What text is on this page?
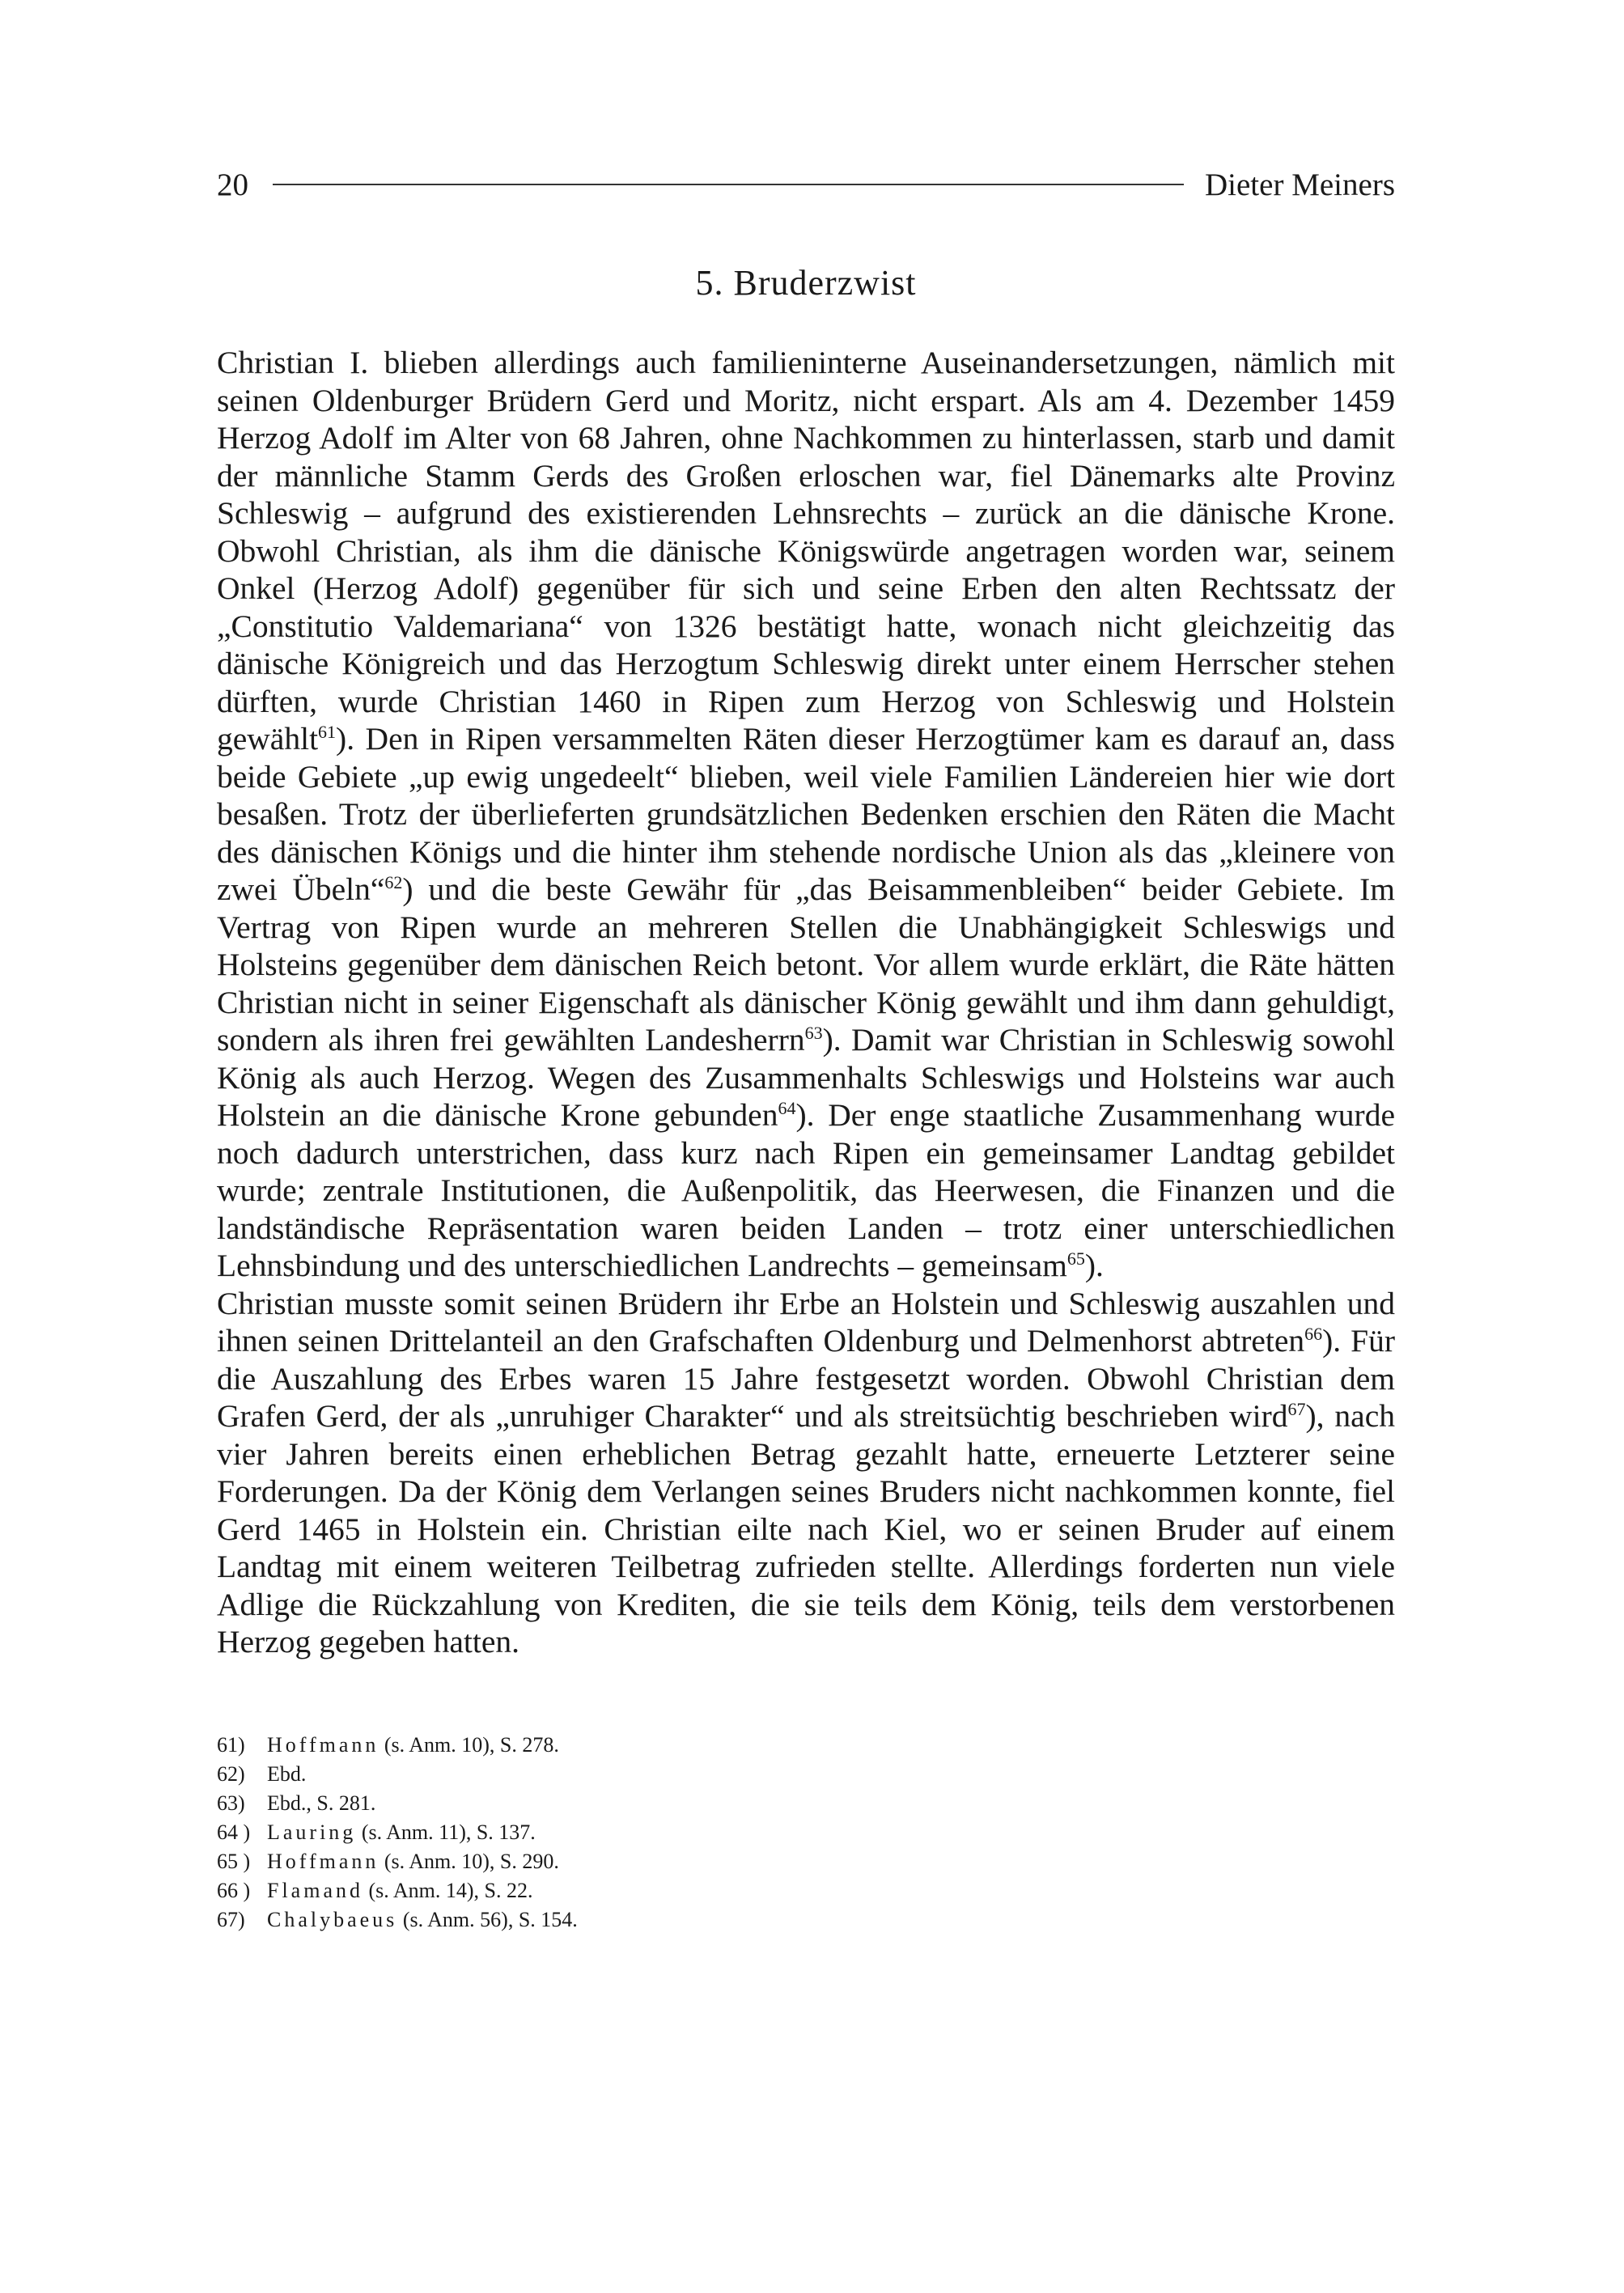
20	Dieter Meiners
5. Bruderzwist

Christian I. blieben allerdings auch familieninterne Auseinandersetzungen, nämlich mit seinen Oldenburger Brüdern Gerd und Moritz, nicht erspart. Als am 4. Dezember 1459 Herzog Adolf im Alter von 68 Jahren, ohne Nachkommen zu hinterlassen, starb und damit der männliche Stamm Gerds des Großen erloschen war, fiel Dänemarks alte Provinz Schleswig – aufgrund des existierenden Lehnsrechts – zurück an die dänische Krone. Obwohl Christian, als ihm die dänische Königswürde angetragen worden war, seinem Onkel (Herzog Adolf) gegenüber für sich und seine Erben den alten Rechtssatz der „Constitutio Valdemariana“ von 1326 bestätigt hatte, wonach nicht gleichzeitig das dänische Königreich und das Herzogtum Schleswig direkt unter einem Herrscher stehen dürften, wurde Christian 1460 in Ripen zum Herzog von Schleswig und Holstein gewählt$^{61}$). Den in Ripen versammelten Räten dieser Herzogtümer kam es darauf an, dass beide Gebiete „up ewig ungedeelt“ blieben, weil viele Familien Ländereien hier wie dort besaßen. Trotz der überlieferten grundsätzlichen Bedenken erschien den Räten die Macht des dänischen Königs und die hinter ihm stehende nordische Union als das „kleinere von zwei Übeln“$^{62}$) und die beste Gewähr für „das Beisammenbleiben“ beider Gebiete. Im Vertrag von Ripen wurde an mehreren Stellen die Unabhängigkeit Schleswigs und Holsteins gegenüber dem dänischen Reich betont. Vor allem wurde erklärt, die Räte hätten Christian nicht in seiner Eigenschaft als dänischer König gewählt und ihm dann gehuldigt, sondern als ihren frei gewählten Landesherrn$^{63}$). Damit war Christian in Schleswig sowohl König als auch Herzog. Wegen des Zusammenhalts Schleswigs und Holsteins war auch Holstein an die dänische Krone gebunden$^{64}$). Der enge staatliche Zusammenhang wurde noch dadurch unterstrichen, dass kurz nach Ripen ein gemeinsamer Landtag gebildet wurde; zentrale Institutionen, die Außenpolitik, das Heerwesen, die Finanzen und die landständische Repräsentation waren beiden Landen – trotz einer unterschiedlichen Lehnsbindung und des unterschiedlichen Landrechts – gemeinsam$^{65}$).

Christian musste somit seinen Brüdern ihr Erbe an Holstein und Schleswig auszahlen und ihnen seinen Drittelanteil an den Grafschaften Oldenburg und Delmenhorst abtreten$^{66}$). Für die Auszahlung des Erbes waren 15 Jahre festgesetzt worden. Obwohl Christian dem Grafen Gerd, der als „unruhiger Charakter“ und als streitsüchtig beschrieben wird$^{67}$), nach vier Jahren bereits einen erheblichen Betrag gezahlt hatte, erneuerte Letzterer seine Forderungen. Da der König dem Verlangen seines Bruders nicht nachkommen konnte, fiel Gerd 1465 in Holstein ein. Christian eilte nach Kiel, wo er seinen Bruder auf einem Landtag mit einem weiteren Teilbetrag zufrieden stellte. Allerdings forderten nun viele Adlige die Rückzahlung von Krediten, die sie teils dem König, teils dem verstorbenen Herzog gegeben hatten.

61)	Hoffmann (s. Anm. 10), S. 278.
62)	Ebd.
63)	Ebd., S. 281.
64 ) Lauring (s. Anm. 11), S. 137.
65 ) Hoffmann (s. Anm. 10), S. 290.
66 ) Flamand (s. Anm. 14), S. 22.
67)	Chalybaeus (s. Anm. 56), S. 154.
